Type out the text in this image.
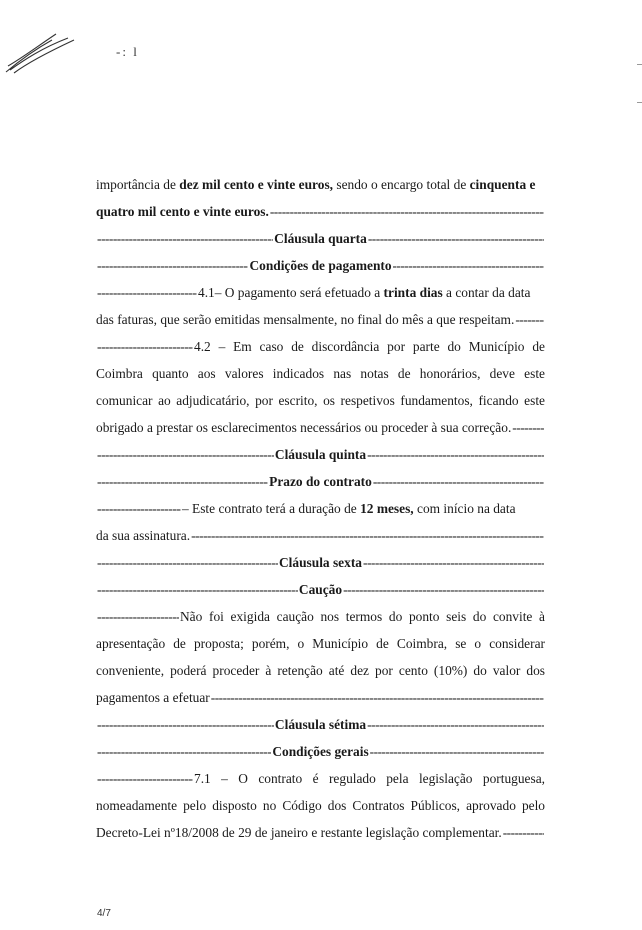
-: l
importância de dez mil cento e vinte euros, sendo o encargo total de cinquenta e
quatro mil cento e vinte euros.
-----
-----
Cláusula quarta
-----
-----
Condições de pagamento
-----
-----
4.1– O pagamento será efetuado a trinta dias a contar da data
das faturas, que serão emitidas mensalmente, no final do mês a que respeitam.
-----
-----
4.2 – Em caso de discordância por parte do Município de
Coimbra quanto aos valores indicados nas notas de honorários, deve este
comunicar ao adjudicatário, por escrito, os respetivos fundamentos, ficando este
obrigado a prestar os esclarecimentos necessários ou proceder à sua correção.
-----
-----
Cláusula quinta
-----
-----
Prazo do contrato
-----
-----
– Este contrato terá a duração de 12 meses, com início na data
da sua assinatura.
-----
-----
Cláusula sexta
-----
-----
Caução
-----
-----
Não foi exigida caução nos termos do ponto seis do convite à
apresentação de proposta; porém, o Município de Coimbra, se o considerar
conveniente, poderá proceder à retenção até dez por cento (10%) do valor dos
pagamentos a efetuar
-----
-----
Cláusula sétima
-----
-----
Condições gerais
-----
-----
7.1 – O contrato é regulado pela legislação portuguesa,
nomeadamente pelo disposto no Código dos Contratos Públicos, aprovado pelo
Decreto-Lei nº18/2008 de 29 de janeiro e restante legislação complementar.
-----
4/7
